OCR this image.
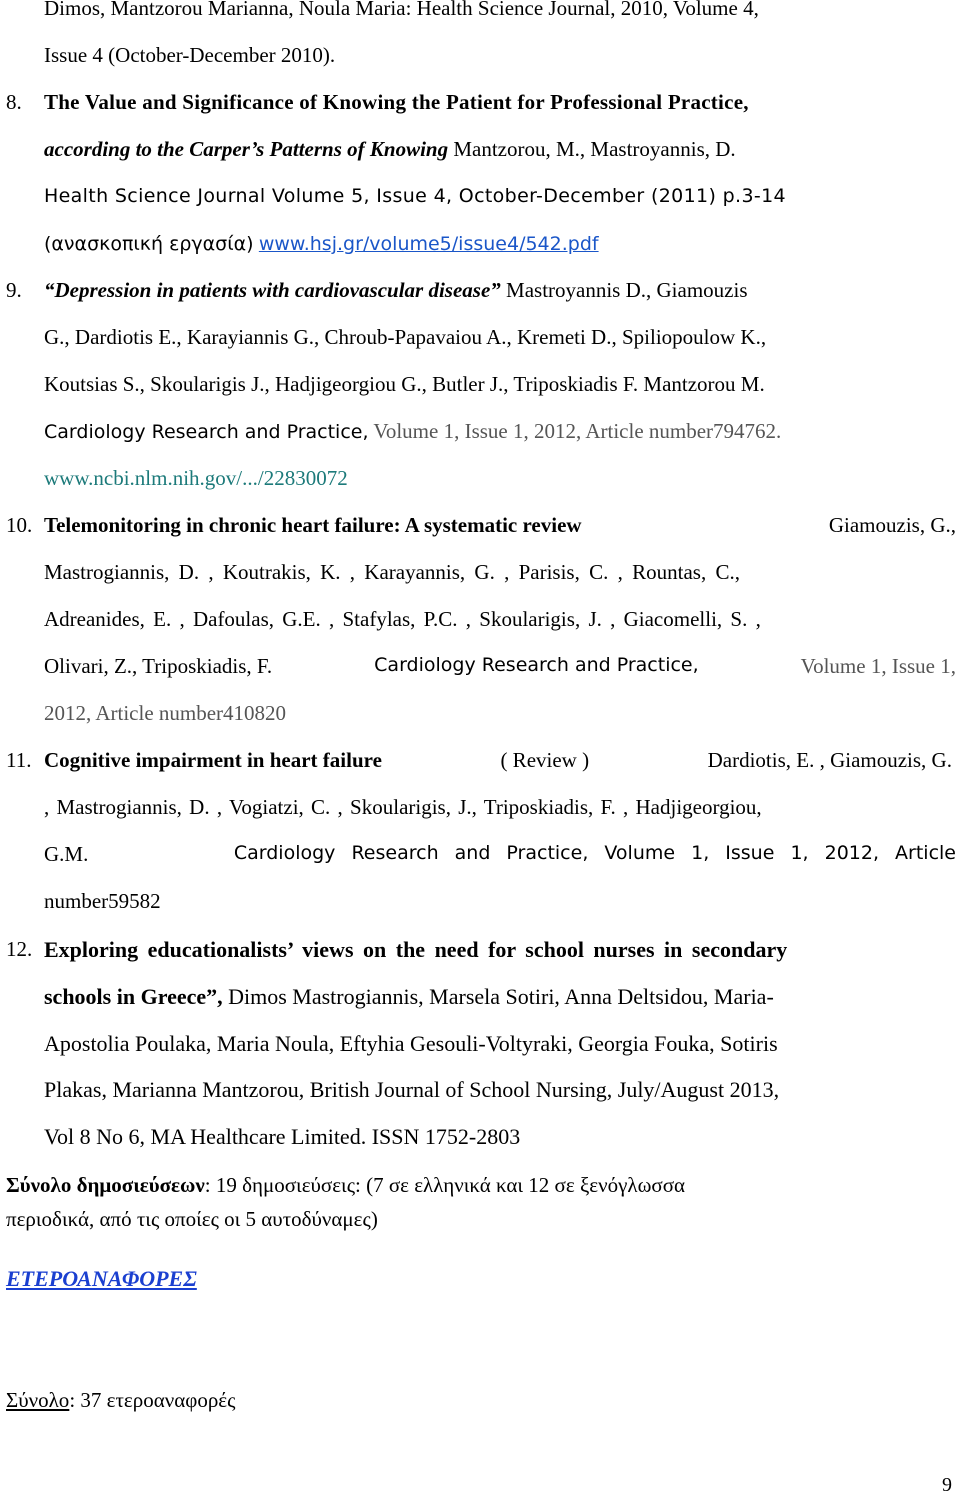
Dimos, Mantzorou Marianna, Noula Maria: Health Science Journal, 2010, Volume 4,
Issue 4 (October-December 2010).
8. The Value and Significance of Knowing the Patient for Professional Practice,
according to the Carper’s Patterns of Knowing Mantzorou, M., Mastroyannis, D.
Health Science Journal Volume 5, Issue 4, October-December (2011) p.3-14
(ανασκοπική εργασία) www.hsj.gr/volume5/issue4/542.pdf
9. “Depression in patients with cardiovascular disease” Mastroyannis D., Giamouzis
G., Dardiotis E., Karayiannis G., Chroub-Papavaiou A., Kremeti D., Spiliopoulow K.,
Koutsias S., Skoularigis J., Hadjigeorgiou G., Butler J., Triposkiadis F. Mantzorou M.
Cardiology Research and Practice, Volume 1, Issue 1, 2012, Article number794762.
www.ncbi.nlm.nih.gov/.../22830072
10. Telemonitoring in chronic heart failure: A systematic review	Giamouzis, G.,
Mastrogiannis, D. , Koutrakis, K. , Karayannis, G. , Parisis, C. , Rountas, C.,
Adreanides, E. , Dafoulas, G.E. , Stafylas, P.C. , Skoularigis, J. , Giacomelli, S. ,
Olivari, Z., Triposkiadis, F.	Cardiology Research and Practice,	Volume 1, Issue 1,
2012, Article number410820
11. Cognitive impairment in heart failure	( Review )	Dardiotis, E. , Giamouzis, G.
, Mastrogiannis, D. , Vogiatzi, C. , Skoularigis, J., Triposkiadis, F. , Hadjigeorgiou,
G.M.	Cardiology Research and Practice, Volume 1, Issue 1, 2012, Article
number59582
12. Exploring educationalists’ views on the need for school nurses in secondary
schools in Greece”, Dimos Mastrogiannis, Marsela Sotiri, Anna Deltsidou, Maria-
Apostolia Poulaka, Maria Noula, Eftyhia Gesouli-Voltyraki, Georgia Fouka, Sotiris
Plakas, Marianna Mantzorou, British Journal of School Nursing, July/August 2013,
Vol 8 No 6, MA Healthcare Limited. ISSN 1752-2803
Σύνολο δημοσιεύσεων: 19 δημοσιεύσεις: (7 σε ελληνικά και 12 σε ξενόγλωσσα
περιοδικά, από τις οποίες οι 5 αυτοδύναμες)
ΕΤΕΡΟΑΝΑΦΟΡΕΣ
Σύνολο: 37 ετεροαναφορές
9
